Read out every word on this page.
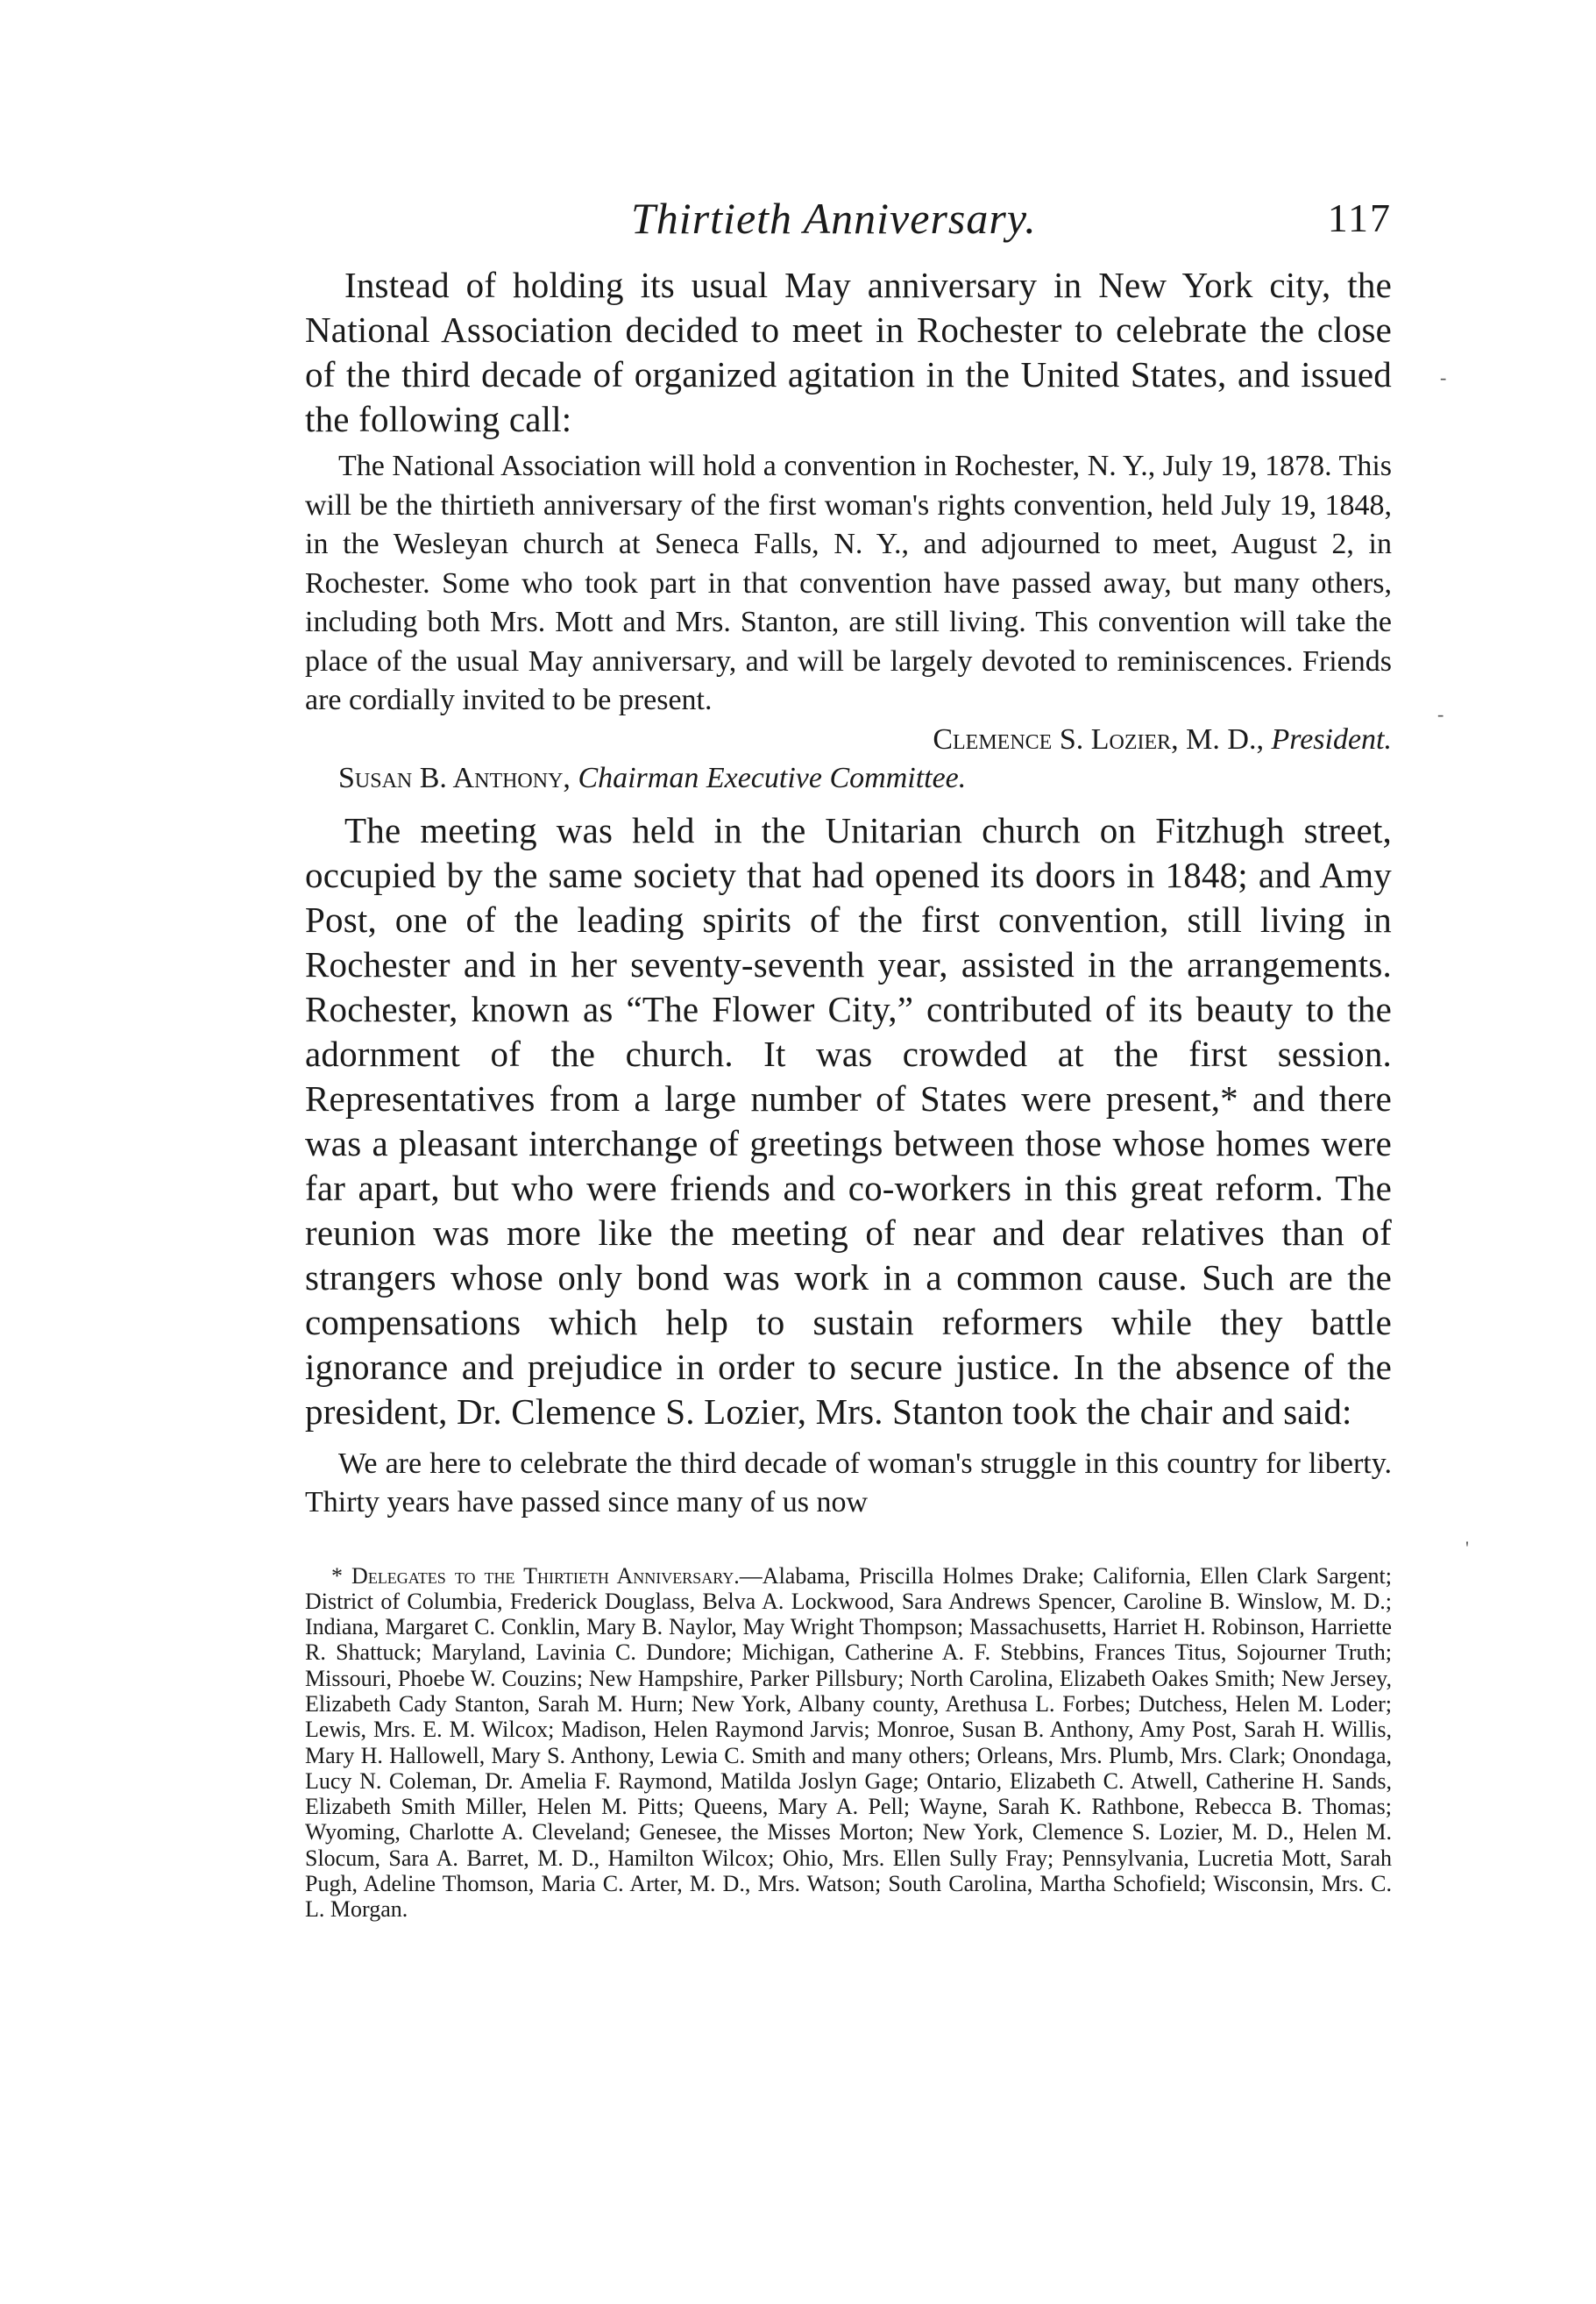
Thirtieth Anniversary.	117

Instead of holding its usual May anniversary in New York city, the National Association decided to meet in Rochester to celebrate the close of the third decade of organized agitation in the United States, and issued the following call:

The National Association will hold a convention in Rochester, N. Y., July 19, 1878. This will be the thirtieth anniversary of the first woman's rights convention, held July 19, 1848, in the Wesleyan church at Seneca Falls, N. Y., and adjourned to meet, August 2, in Rochester. Some who took part in that convention have passed away, but many others, including both Mrs. Mott and Mrs. Stanton, are still living. This convention will take the place of the usual May anniversary, and will be largely devoted to reminiscences. Friends are cordially invited to be present.

Clemence S. Lozier, M. D., President.

Susan B. Anthony, Chairman Executive Committee.

The meeting was held in the Unitarian church on Fitzhugh street, occupied by the same society that had opened its doors in 1848; and Amy Post, one of the leading spirits of the first convention, still living in Rochester and in her seventy-seventh year, assisted in the arrangements. Rochester, known as “The Flower City,” contributed of its beauty to the adornment of the church. It was crowded at the first session. Representatives from a large number of States were present,* and there was a pleasant interchange of greetings between those whose homes were far apart, but who were friends and co-workers in this great reform. The reunion was more like the meeting of near and dear relatives than of strangers whose only bond was work in a common cause. Such are the compensations which help to sustain reformers while they battle ignorance and prejudice in order to secure justice. In the absence of the president, Dr. Clemence S. Lozier, Mrs. Stanton took the chair and said:

We are here to celebrate the third decade of woman's struggle in this country for liberty. Thirty years have passed since many of us now

* Delegates to the Thirtieth Anniversary.—Alabama, Priscilla Holmes Drake; California, Ellen Clark Sargent; District of Columbia, Frederick Douglass, Belva A. Lockwood, Sara Andrews Spencer, Caroline B. Winslow, M. D.; Indiana, Margaret C. Conklin, Mary B. Naylor, May Wright Thompson; Massachusetts, Harriet H. Robinson, Harriette R. Shattuck; Maryland, Lavinia C. Dundore; Michigan, Catherine A. F. Stebbins, Frances Titus, Sojourner Truth; Missouri, Phoebe W. Couzins; New Hampshire, Parker Pillsbury; North Carolina, Elizabeth Oakes Smith; New Jersey, Elizabeth Cady Stanton, Sarah M. Hurn; New York, Albany county, Arethusa L. Forbes; Dutchess, Helen M. Loder; Lewis, Mrs. E. M. Wilcox; Madison, Helen Raymond Jarvis; Monroe, Susan B. Anthony, Amy Post, Sarah H. Willis, Mary H. Hallowell, Mary S. Anthony, Lewia C. Smith and many others; Orleans, Mrs. Plumb, Mrs. Clark; Onondaga, Lucy N. Coleman, Dr. Amelia F. Raymond, Matilda Joslyn Gage; Ontario, Elizabeth C. Atwell, Catherine H. Sands, Elizabeth Smith Miller, Helen M. Pitts; Queens, Mary A. Pell; Wayne, Sarah K. Rathbone, Rebecca B. Thomas; Wyoming, Charlotte A. Cleveland; Genesee, the Misses Morton; New York, Clemence S. Lozier, M. D., Helen M. Slocum, Sara A. Barret, M. D., Hamilton Wilcox; Ohio, Mrs. Ellen Sully Fray; Pennsylvania, Lucretia Mott, Sarah Pugh, Adeline Thomson, Maria C. Arter, M. D., Mrs. Watson; South Carolina, Martha Schofield; Wisconsin, Mrs. C. L. Morgan.

-
-
'
